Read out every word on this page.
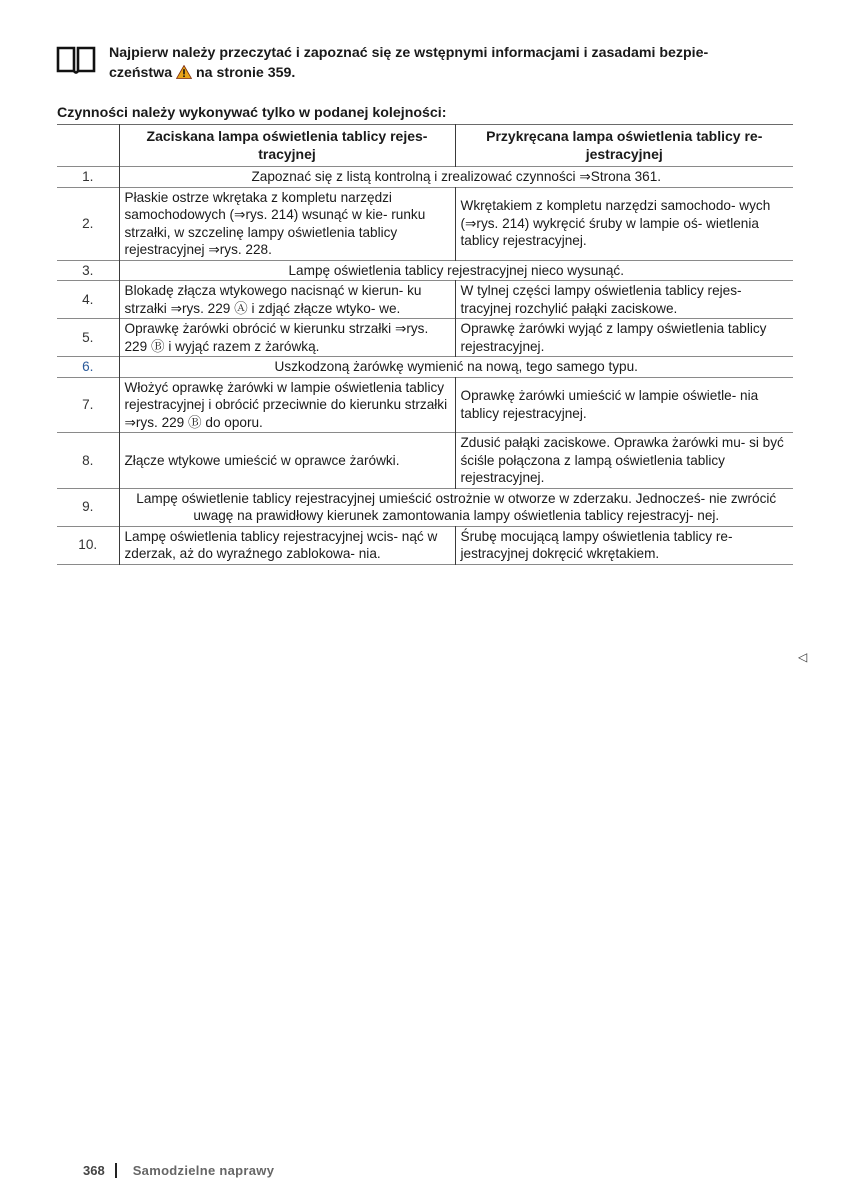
Najpierw należy przeczytać i zapoznać się ze wstępnymi informacjami i zasadami bezpie-
czeństwa na stronie 359.
Czynności należy wykonywać tylko w podanej kolejności:
	Zaciskana lampa oświetlenia tablicy rejes- tracyjnej	Przykręcana lampa oświetlenia tablicy re- jestracyjnej
1.	Zapoznać się z listą kontrolną i zrealizować czynności ⇒Strona 361.	
2.	Płaskie ostrze wkrętaka z kompletu narzędzi samochodowych (⇒rys. 214) wsunąć w kie- runku strzałki, w szczelinę lampy oświetlenia tablicy rejestracyjnej ⇒rys. 228.	Wkrętakiem z kompletu narzędzi samochodo- wych (⇒rys. 214) wykręcić śruby w lampie oś- wietlenia tablicy rejestracyjnej.
3.	Lampę oświetlenia tablicy rejestracyjnej nieco wysunąć.	
4.	Blokadę złącza wtykowego nacisnąć w kierun- ku strzałki ⇒rys. 229 Ⓐ i zdjąć złącze wtyko- we.	W tylnej części lampy oświetlenia tablicy rejes- tracyjnej rozchylić pałąki zaciskowe.
5.	Oprawkę żarówki obrócić w kierunku strzałki ⇒rys. 229 Ⓑ i wyjąć razem z żarówką.	Oprawkę żarówki wyjąć z lampy oświetlenia tablicy rejestracyjnej.
6.	Uszkodzoną żarówkę wymienić na nową, tego samego typu.	
7.	Włożyć oprawkę żarówki w lampie oświetlenia tablicy rejestracyjnej i obrócić przeciwnie do kierunku strzałki ⇒rys. 229 Ⓑ do oporu.	Oprawkę żarówki umieścić w lampie oświetle- nia tablicy rejestracyjnej.
8.	Złącze wtykowe umieścić w oprawce żarówki.	Zdusić pałąki zaciskowe. Oprawka żarówki mu- si być ściśle połączona z lampą oświetlenia tablicy rejestracyjnej.
9.	Lampę oświetlenie tablicy rejestracyjnej umieścić ostrożnie w otworze w zderzaku. Jednocześ- nie zwrócić uwagę na prawidłowy kierunek zamontowania lampy oświetlenia tablicy rejestracyj- nej.	
10.	Lampę oświetlenia tablicy rejestracyjnej wcis- nąć w zderzak, aż do wyraźnego zablokowa- nia.	Śrubę mocującą lampy oświetlenia tablicy re- jestracyjnej dokręcić wkrętakiem.
◁
368 Samodzielne naprawy
